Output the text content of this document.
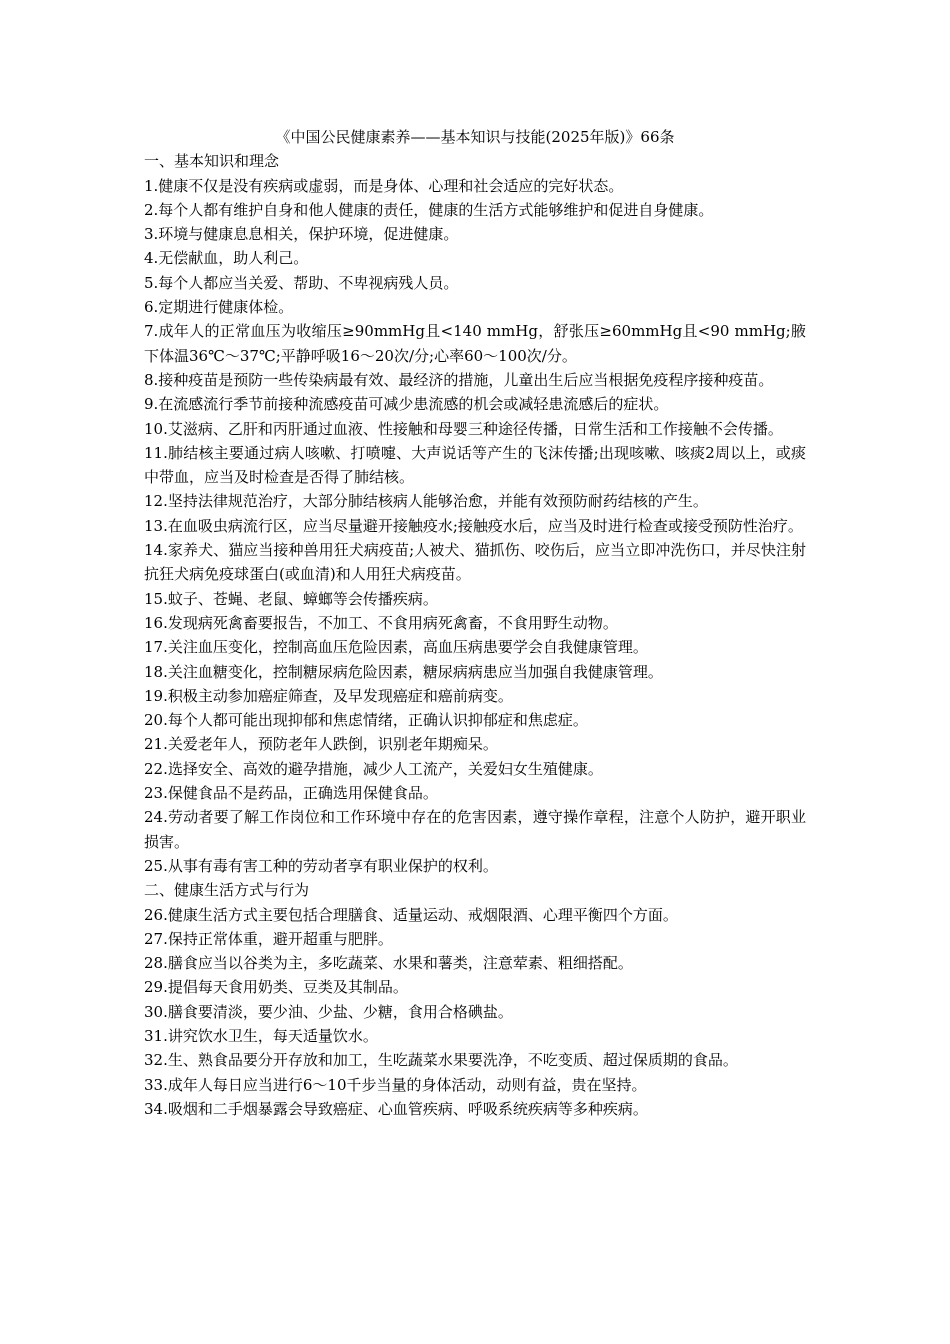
《中国公民健康素养——基本知识与技能(2025年版)》66条

一、基本知识和理念

1.健康不仅是没有疾病或虚弱，而是身体、心理和社会适应的完好状态。

2.每个人都有维护自身和他人健康的责任，健康的生活方式能够维护和促进自身健康。

3.环境与健康息息相关，保护环境，促进健康。

4.无偿献血，助人利己。

5.每个人都应当关爱、帮助、不卑视病残人员。

6.定期进行健康体检。

7.成年人的正常血压为收缩压≥90mmHg且<140 mmHg，舒张压≥60mmHg且<90 mmHg;腋下体温36℃～37℃;平静呼吸16～20次/分;心率60～100次/分。

8.接种疫苗是预防一些传染病最有效、最经济的措施，儿童出生后应当根据免疫程序接种疫苗。

9.在流感流行季节前接种流感疫苗可减少患流感的机会或减轻患流感后的症状。

10.艾滋病、乙肝和丙肝通过血液、性接触和母婴三种途径传播，日常生活和工作接触不会传播。

11.肺结核主要通过病人咳嗽、打喷嚏、大声说话等产生的飞沫传播;出现咳嗽、咳痰2周以上，或痰中带血，应当及时检查是否得了肺结核。

12.坚持法律规范治疗，大部分肺结核病人能够治愈，并能有效预防耐药结核的产生。

13.在血吸虫病流行区，应当尽量避开接触疫水;接触疫水后，应当及时进行检查或接受预防性治疗。

14.家养犬、猫应当接种兽用狂犬病疫苗;人被犬、猫抓伤、咬伤后，应当立即冲洗伤口，并尽快注射抗狂犬病免疫球蛋白(或血清)和人用狂犬病疫苗。

15.蚊子、苍蝇、老鼠、蟑螂等会传播疾病。

16.发现病死禽畜要报告，不加工、不食用病死禽畜，不食用野生动物。

17.关注血压变化，控制高血压危险因素，高血压病患要学会自我健康管理。

18.关注血糖变化，控制糖尿病危险因素，糖尿病病患应当加强自我健康管理。

19.积极主动参加癌症筛查，及早发现癌症和癌前病变。

20.每个人都可能出现抑郁和焦虑情绪，正确认识抑郁症和焦虑症。

21.关爱老年人，预防老年人跌倒，识别老年期痴呆。

22.选择安全、高效的避孕措施，减少人工流产，关爱妇女生殖健康。

23.保健食品不是药品，正确选用保健食品。

24.劳动者要了解工作岗位和工作环境中存在的危害因素，遵守操作章程，注意个人防护，避开职业损害。

25.从事有毒有害工种的劳动者享有职业保护的权利。

二、健康生活方式与行为

26.健康生活方式主要包括合理膳食、适量运动、戒烟限酒、心理平衡四个方面。

27.保持正常体重，避开超重与肥胖。

28.膳食应当以谷类为主，多吃蔬菜、水果和薯类，注意荤素、粗细搭配。

29.提倡每天食用奶类、豆类及其制品。

30.膳食要清淡，要少油、少盐、少糖，食用合格碘盐。

31.讲究饮水卫生，每天适量饮水。

32.生、熟食品要分开存放和加工，生吃蔬菜水果要洗净，不吃变质、超过保质期的食品。

33.成年人每日应当进行6～10千步当量的身体活动，动则有益，贵在坚持。

34.吸烟和二手烟暴露会导致癌症、心血管疾病、呼吸系统疾病等多种疾病。
